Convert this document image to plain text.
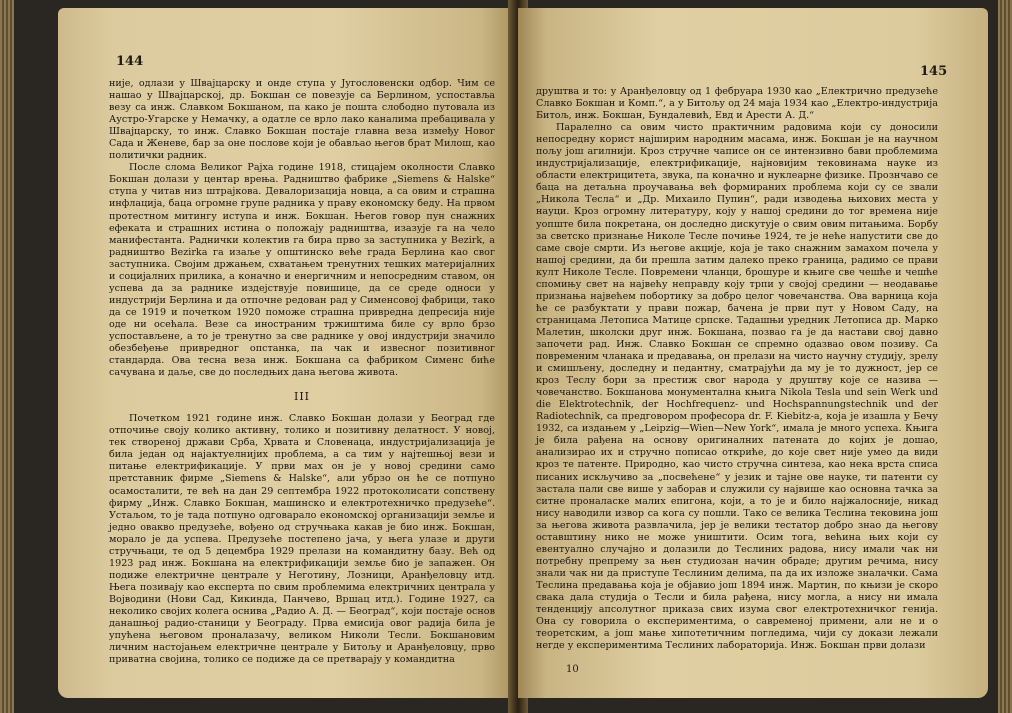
144

није, одлази у Швајцарску и онде ступа у Југословенски одбор. Чим се нашао у Швајцарској, др. Бокшан се повезује са Берлином, успоставља везу са инж. Славком Бокшаном, па како је пошта слободно путовала из Аустро-Угарске у Немачку, а одатле се врло лако каналима пребацивала у Швајцарску, то инж. Славко Бокшан постаје главна веза између Новог Сада и Женеве, бар за оне пословe који је обављао његов брат Милош, као политички радник.

После слома Великог Рајха године 1918, стицајем околности Славко Бокшан долази у центар врења. Радништво фабрике „Siemens & Halske“ ступа у читав низ штрајкова. Девалоризација новца, а са овим и страшна инфлација, баца огромне групе радника у праву економску беду. На првом протестном митингу иступа и инж. Бокшан. Његов говор пун снажних ефеката и страшних истина о положају радништва, изазује га на чело манифестанта. Раднички колектив га бира прво за заступника у Bezirk, а радништво Bezirka га изаље у општинско веће града Берлина као свог заступника. Својим држањем, схватањем тренутних тешких материјалних и социјалних прилика, а коначно и енергичним и непосредним ставом, он успева да за раднике издејствује повишице, да се среде односи у индустрији Берлина и да отпочне редован рад у Сименсовој фабрици, тако да се 1919 и почетком 1920 поможе страшна привредна депресија није оде ни осећала. Везе са иностраним тржиштима биле су врло брзо успостављене, а то је тренутно за све раднике у овој индустрији значило обезбеђење привредног опстанка, па чак и извесног позитивног стандарда. Ова тесна веза инж. Бокшана са фабриком Сименс биће сачувана и даље, све до последњих дана његова живота.

III

Почетком 1921 године инж. Славко Бокшан долази у Београд где отпочиње своју колико активну, толико и позитивну делатност. У новој, тек створеној држави Срба, Хрвата и Словенаца, индустријализација је била један од најактуелнијих проблема, а са тим у најтешњој вези и питање електрификације. У први мах он је у новој средини само претставник фирме „Siemens & Halske“, али убрзо он ће се потпуно осамосталити, те већ на дан 29 септембра 1922 протоколисати сопствену фирму „Инж. Славко Бокшан, машинско и електротехничко предузеће“. Устаљом, то је тада потпуно одговарало економској организацији земље и једно овакво предузеће, вођено од стручњака какав је био инж. Бокшан, морало је да успева. Предузеће постепено јача, у њега улазе и други стручњаци, те од 5 децембра 1929 прелази на командитну базу. Већ од 1923 рад инж. Бокшана на електрификацији земље био је запажен. Он подиже електричне централе у Неготину, Лозници, Аранђеловцу итд. Њега позивају као експерта по свим проблемима електричних централа у Војводини (Нови Сад, Кикинда, Панчево, Вршац итд.). Године 1927, са неколико својих колега оснива „Радио А. Д. — Београд“, који постаје основ данашњој радио-станици у Београду. Прва емисија овог радија била је упућена његовом проналазачу, великом Николи Тесли. Бокшановим личним настојањем електричне централе у Битољу и Аранђеловцу, прво приватна својина, толико се подиже да се претварају у командитна

145

друштва и то: у Аранђеловцу од 1 фебруара 1930 као „Електрично предузеће Славко Бокшан и Комп.“, а у Битољу од 24 маја 1934 као „Електро-индустрија Битољ, инж. Бокшан, Бундалевић, Евд и Арести А. Д.“

Паралелно са овим чисто практичним радовима који су доносили непосредну корист најширим народним масама, инж. Бокшан је на научном пољу још агилнији. Кроз стручне чаписе он се интензивно бави проблемима индустријализације, електрификације, најновијим тековинама науке из области електрицитета, звука, па коначно и нуклеарне физике. Прознчаво се баца на детаљна проучавања већ формираних проблема који су се звали „Никола Тесла“ и „Др. Михаило Пупин“, ради изводења њихових места у науци. Кроз огромну литературу, коју у нашој средини до тог времена није уопште била покретана, он доследно дискутује о свим овим питањима. Борбу за светско признање Николе Тесле почиње 1924, те је неће напустити све до саме своје смрти. Из његове акције, која је тако снажним замахом почела у нашој средини, да би прешла затим далеко преко граница, радимо се прави култ Николе Тесле. Повремени чланци, брошуре и књиге све чешће и чешће спомињу свет на највећу неправду коју трпи у својој средини — неодавање признања највећем побортику за добро целог човечанства. Ова варница која ће се разбуктати у прави пожар, бачена је први пут у Новом Саду, на страницама Летописа Матице српске. Тадашњи уредник Летописа др. Марко Малетин, школски друг инж. Бокшана, позвао га је да настави свој давно започети рад. Инж. Славко Бокшан се спремно одазвао овом позиву. Са повременим чланака и предавања, он прелази на чисто научну студију, зрелу и смишљену, доследну и педантну, сматрајући да му је то дужност, јер се кроз Теслу бори за престиж свог народа у друштву које се назива — човечанство. Бокшанова монументална књига Nikola Tesla und sein Werk und die Elektrotechnik, der Hochfrequenz- und Hochspannungstechnik und der Radiotechnik, са предговором професора dr. F. Kiebitz-a, која је изашла у Бечу 1932, са издањем у „Leipzig—Wien—New York“, имала је много успеха. Књига је била рађена на основу оригиналних патената до којих је дошао, анализирао их и стручно пописао откриће, до коje свет није умео да види кроз те патенте. Природно, као чисто стручна синтеза, као нека врста списа писаних искључиво за „посвећене“ у језик и тајне ове науке, ти патенти су засталa пали све више у заборав и служили су највише као основна тачка за ситне проналаске малих епигона, који, а то је и било најжалосније, никад нису наводили извор са кога су пошли. Тако се велика Теслина тековина још за његова живота развлачила, јер је велики тестатор добро знао да његову оставштину нико не може уништити. Осим тога, већина њих који су евентуално случајно и долазили до Теслиних радова, нису имали чак ни потребну препрему за њен студиозан начин обраде; другим речима, нису знали чак ни да приступе Теслиним делима, па да их изложе зналачки. Сама Теслина предавања која је објавио још 1894 инж. Мартин, по књизи је скоро свака дала студија о Тесли и била рађена, нису могла, а нису ни имала тенденцију апсолутног приказа свих изума свог електротехничког генија. Она су говорила о експериментима, о савременој примени, али не и о теоретским, а још мање хипотетичним погледима, чији су докази лежали негде у експериментима Теслиних лабораторија. Инж. Бокшан први долази

10
